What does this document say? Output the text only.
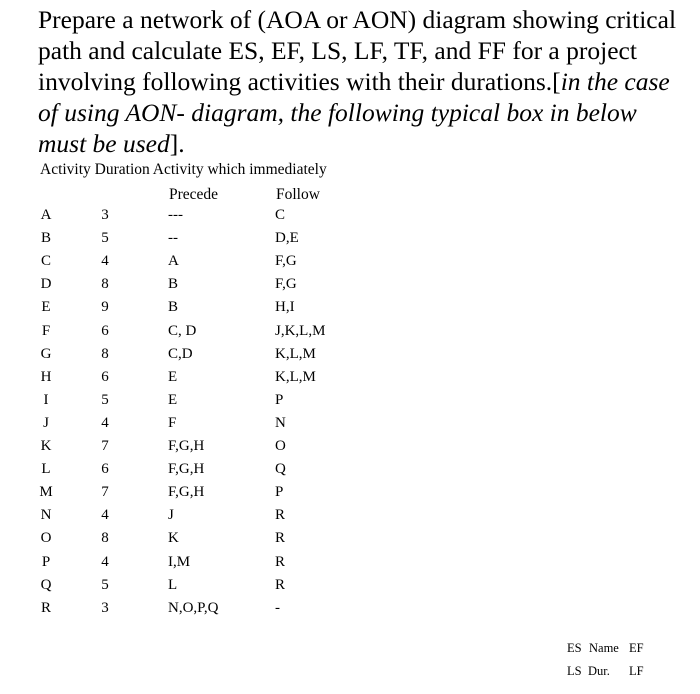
Prepare a network of (AOA or AON) diagram showing critical path and calculate ES, EF, LS, LF, TF, and FF for a project involving following activities with their durations.[in the case of using AON- diagram, the following typical box in below must be used].
Activity Duration Activity which immediately
Precede	Follow
A	3	---	C
B	5	--	D,E
C	4	A	F,G
D	8	B	F,G
E	9	B	H,I
F	6	C, D	J,K,L,M
G	8	C,D	K,L,M
H	6	E	K,L,M
I	5	E	P
J	4	F	N
K	7	F,G,H	O
L	6	F,G,H	Q
M	7	F,G,H	P
N	4	J	R
O	8	K	R
P	4	I,M	R
Q	5	L	R
R	3	N,O,P,Q	-
ES Name EF
LS Dur. LF
